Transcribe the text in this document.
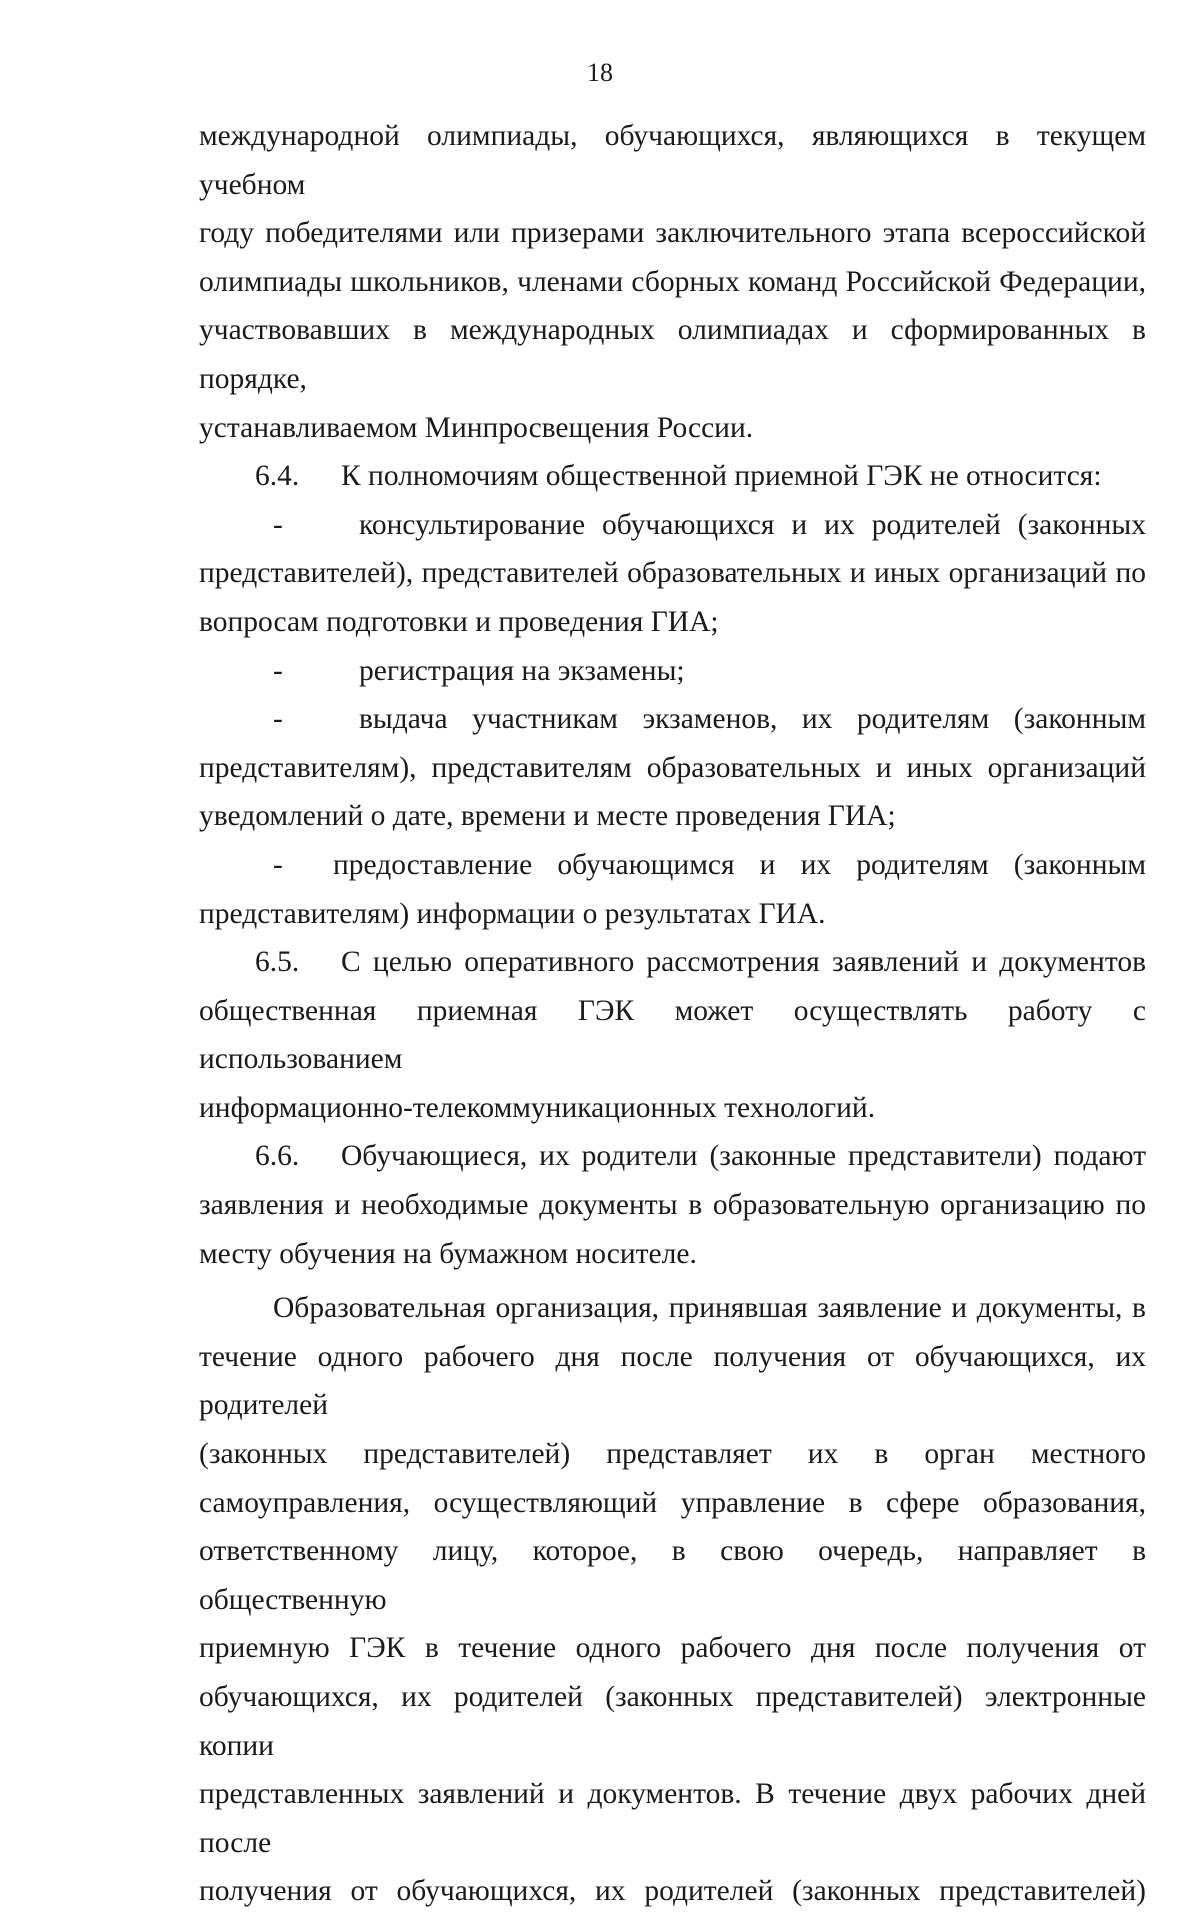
18
международной олимпиады, обучающихся, являющихся в текущем учебном
году победителями или призерами заключительного этапа всероссийской
олимпиады школьников, членами сборных команд Российской Федерации,
участвовавших в международных олимпиадах и сформированных в порядке,
устанавливаемом Минпросвещения России.
6.4.	К полномочиям общественной приемной ГЭК не относится:
-	консультирование обучающихся и их родителей (законных
представителей), представителей образовательных и иных организаций по
вопросам подготовки и проведения ГИА;
-	регистрация на экзамены;
-	выдача участникам экзаменов, их родителям (законным
представителям), представителям образовательных и иных организаций
уведомлений о дате, времени и месте проведения ГИА;
-	предоставление обучающимся и их родителям (законным
представителям) информации о результатах ГИА.
6.5.	С целью оперативного рассмотрения заявлений и документов
общественная приемная ГЭК может осуществлять работу с использованием
информационно-телекоммуникационных технологий.
6.6.	Обучающиеся, их родители (законные представители) подают
заявления и необходимые документы в образовательную организацию по
месту обучения на бумажном носителе.
Образовательная организация, принявшая заявление и документы, в
течение одного рабочего дня после получения от обучающихся, их родителей
(законных представителей) представляет их в орган местного
самоуправления, осуществляющий управление в сфере образования,
ответственному лицу, которое, в свою очередь, направляет в общественную
приемную ГЭК в течение одного рабочего дня после получения от
обучающихся, их родителей (законных представителей) электронные копии
представленных заявлений и документов. В течение двух рабочих дней после
получения от обучающихся, их родителей (законных представителей)
